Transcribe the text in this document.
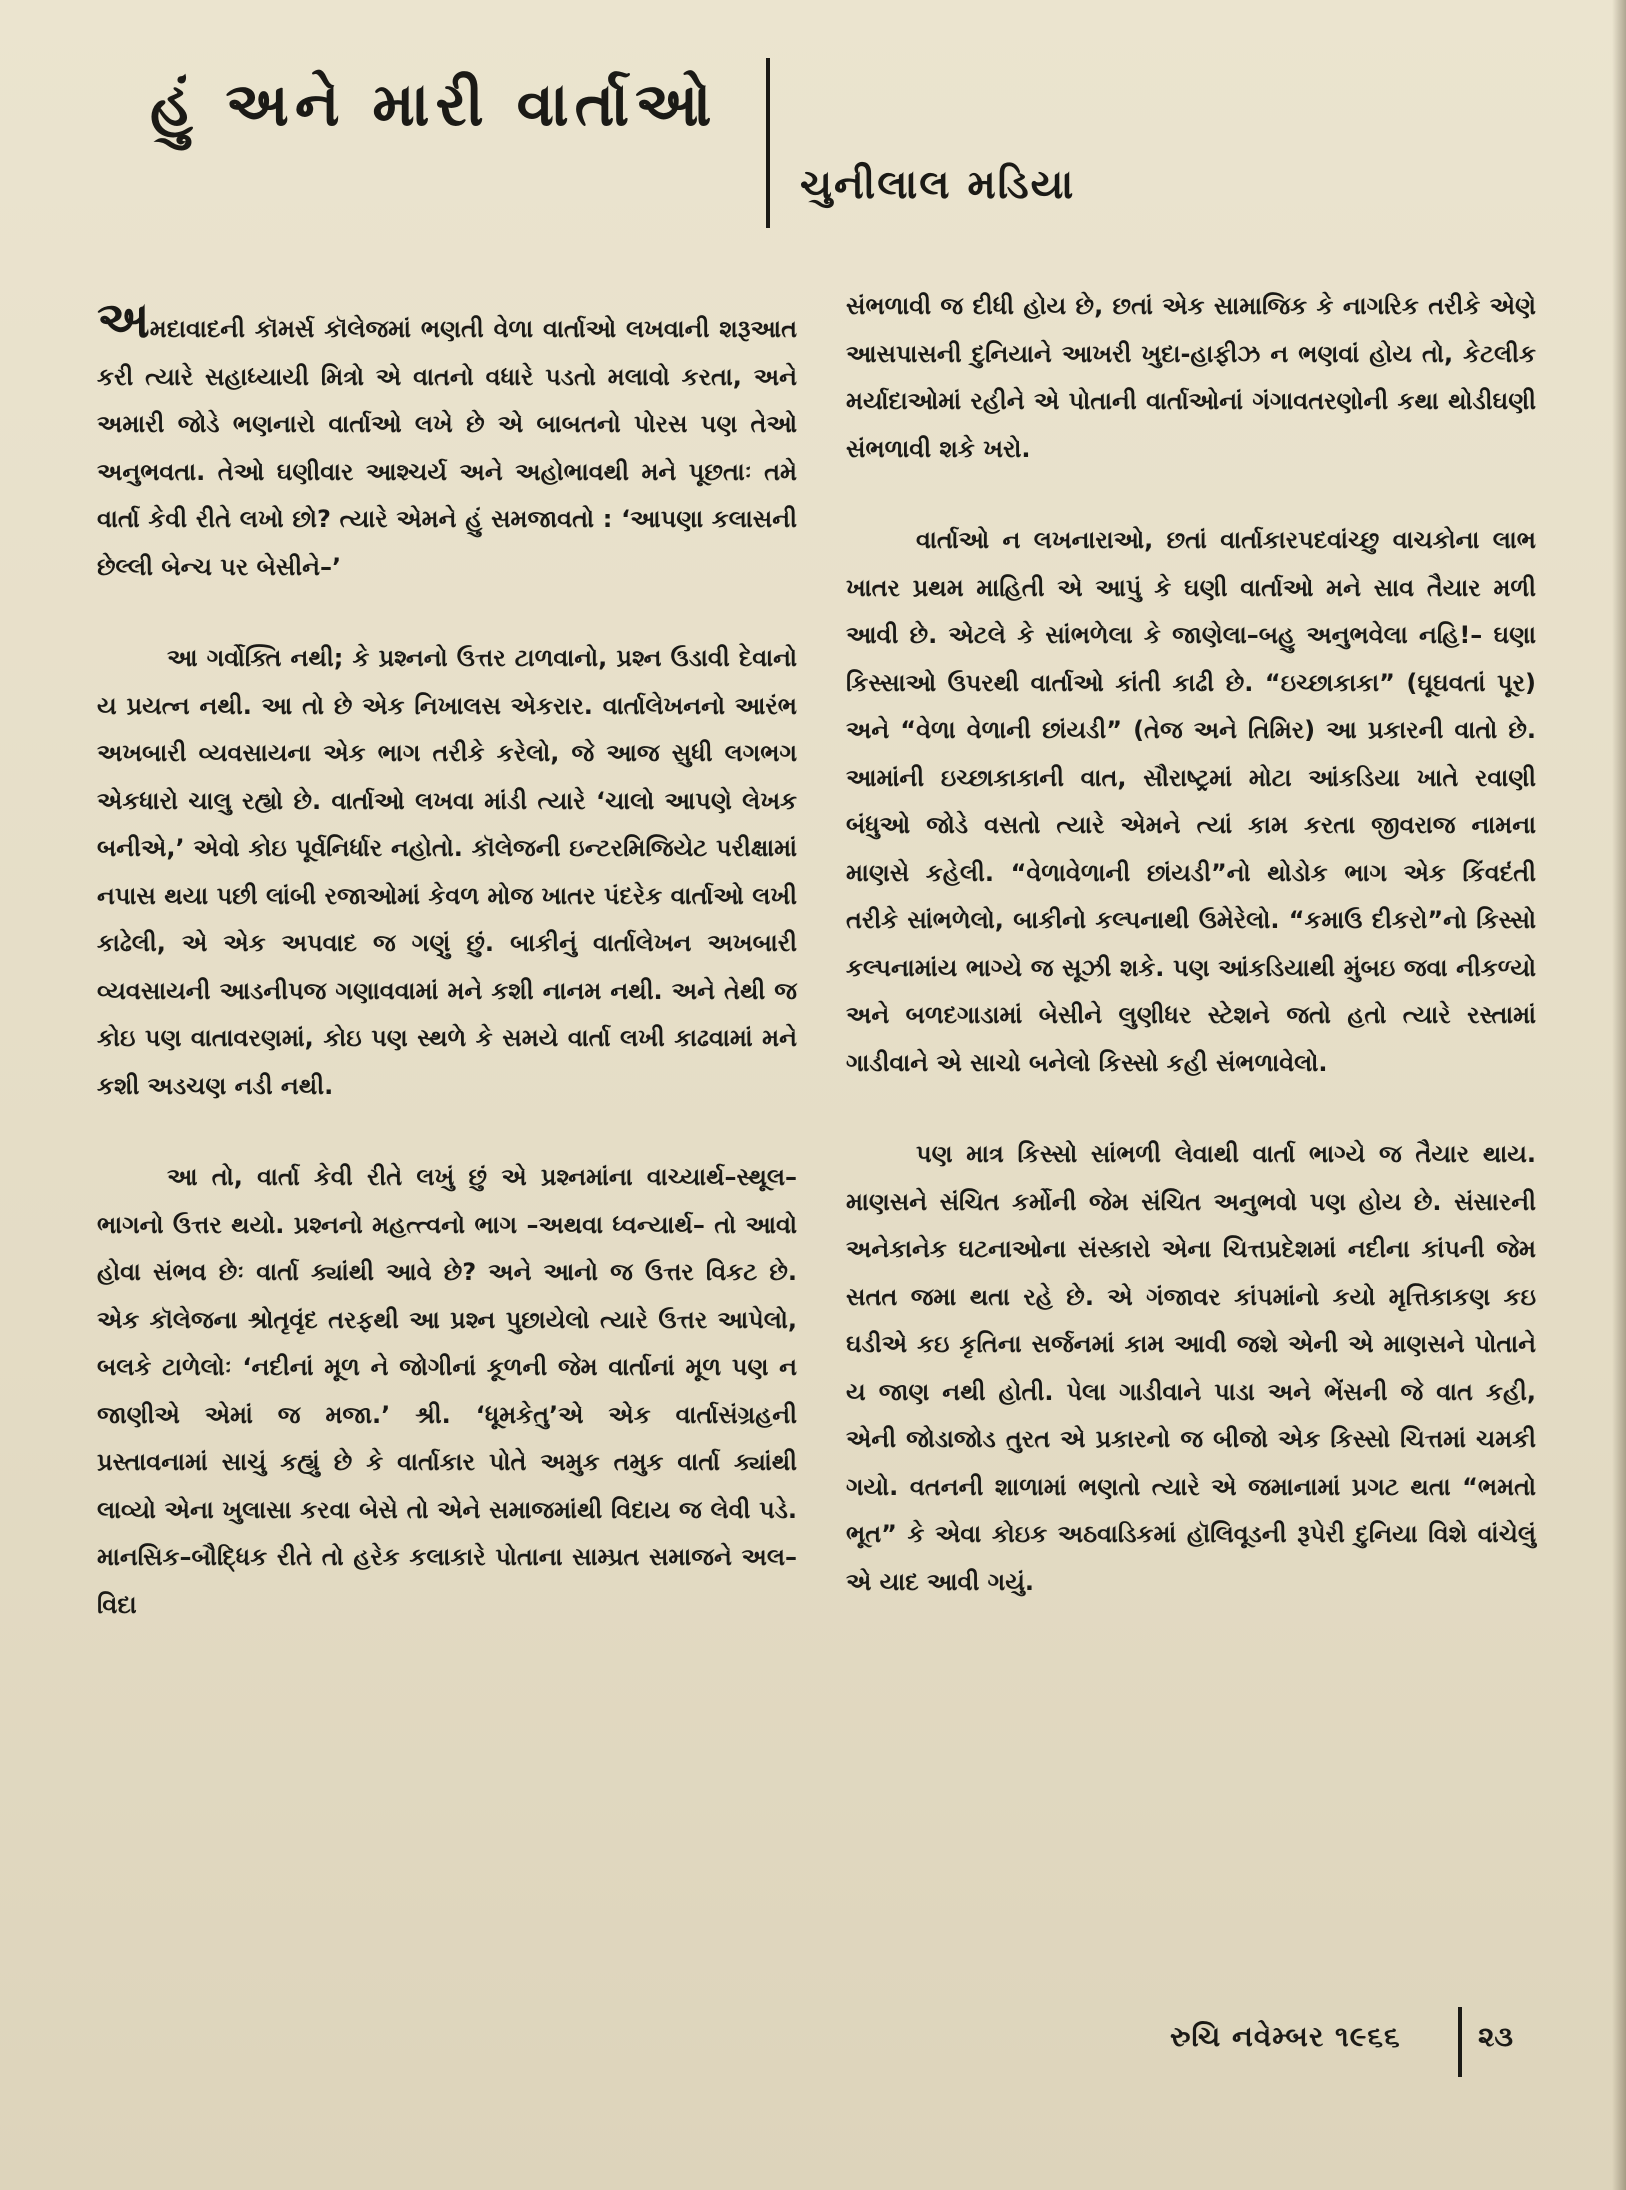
હું અને મારી વાર્તાઓ
ચુનીલાલ મડિયા

અમદાવાદની કૉમર્સ કૉલેજમાં ભણતી વેળા વાર્તાઓ લખવાની શરૂઆત કરી ત્યારે સહાધ્યાયી મિત્રો એ વાતનો વધારે પડતો મલાવો કરતા, અને અમારી જોડે ભણનારો વાર્તાઓ લખે છે એ બાબતનો પોરસ પણ તેઓ અનુભવતા. તેઓ ઘણીવાર આશ્ચર્ય અને અહોભાવથી મને પૂછતાઃ તમે વાર્તા કેવી રીતે લખો છો? ત્યારે એમને હું સમજાવતો : ‘આપણા કલાસની છેલ્લી બેન્ચ પર બેસીને–’

આ ગર્વોક્તિ નથી; કે પ્રશ્નનો ઉત્તર ટાળવાનો, પ્રશ્ન ઉડાવી દેવાનો ય પ્રયત્ન નથી. આ તો છે એક નિખાલસ એકરાર. વાર્તાલેખનનો આરંભ અખબારી વ્યવસાયના એક ભાગ તરીકે કરેલો, જે આજ સુધી લગભગ એકધારો ચાલુ રહ્યો છે. વાર્તાઓ લખવા માંડી ત્યારે ‘ચાલો આપણે લેખક બનીએ,’ એવો કોઇ પૂર્વનિર્ધાર નહોતો. કૉલેજની ઇન્ટરમિજિયેટ પરીક્ષામાં નપાસ થયા પછી લાંબી રજાઓમાં કેવળ મોજ ખાતર પંદરેક વાર્તાઓ લખી કાઢેલી, એ એક અપવાદ જ ગણું છું. બાકીનું વાર્તાલેખન અખબારી વ્યવસાયની આડનીપજ ગણાવવામાં મને કશી નાનમ નથી. અને તેથી જ કોઇ પણ વાતાવરણમાં, કોઇ પણ સ્થળે કે સમયે વાર્તા લખી કાઢવામાં મને કશી અડચણ નડી નથી.

આ તો, વાર્તા કેવી રીતે લખું છું એ પ્રશ્નમાંના વાચ્યાર્થ–સ્થૂલ–ભાગનો ઉત્તર થયો. પ્રશ્નનો મહત્ત્વનો ભાગ –અથવા ધ્વન્યાર્થ– તો આવો હોવા સંભવ છેઃ વાર્તા ક્યાંથી આવે છે? અને આનો જ ઉત્તર વિકટ છે. એક કૉલેજના શ્રોતૃવૃંદ તરફથી આ પ્રશ્ન પુછાયેલો ત્યારે ઉત્તર આપેલો, બલકે ટાળેલોઃ ‘નદીનાં મૂળ ને જોગીનાં કૂળની જેમ વાર્તાનાં મૂળ પણ ન જાણીએ એમાં જ મજા.’ શ્રી. ‘ધૂમકેતુ’એ એક વાર્તાસંગ્રહની પ્રસ્તાવનામાં સાચું કહ્યું છે કે વાર્તાકાર પોતે અમુક તમુક વાર્તા ક્યાંથી લાવ્યો એના ખુલાસા કરવા બેસે તો એને સમાજમાંથી વિદાય જ લેવી પડે. માનસિક–બૌદ્ધિક રીતે તો હરેક કલાકારે પોતાના સામ્પ્રત સમાજને અલ–વિદા

સંભળાવી જ દીધી હોય છે, છતાં એક સામાજિક કે નાગરિક તરીકે એણે આસપાસની દુનિયાને આખરી ખુદા-હાફીઝ ન ભણવાં હોય તો, કેટલીક મર્યાદાઓમાં રહીને એ પોતાની વાર્તાઓનાં ગંગાવતરણોની કથા થોડીઘણી સંભળાવી શકે ખરો.

વાર્તાઓ ન લખનારાઓ, છતાં વાર્તાકારપદવાંચ્છુ વાચકોના લાભ ખાતર પ્રથમ માહિતી એ આપું કે ઘણી વાર્તાઓ મને સાવ તૈયાર મળી આવી છે. એટલે કે સાંભળેલા કે જાણેલા–બહુ અનુભવેલા નહિ!– ઘણા કિસ્સાઓ ઉપરથી વાર્તાઓ કાંતી કાઢી છે. “ઇચ્છાકાકા” (ઘૂઘવતાં પૂર) અને “વેળા વેળાની છાંયડી” (તેજ અને તિમિર) આ પ્રકારની વાતો છે. આમાંની ઇચ્છાકાકાની વાત, સૌરાષ્ટ્રમાં મોટા આંકડિયા ખાતે રવાણી બંધુઓ જોડે વસતો ત્યારે એમને ત્યાં કામ કરતા જીવરાજ નામના માણસે કહેલી. “વેળાવેળાની છાંયડી”નો થોડોક ભાગ એક કિંવદંતી તરીકે સાંભળેલો, બાકીનો કલ્પનાથી ઉમેરેલો. “કમાઉ દીકરો”નો કિસ્સો કલ્પનામાંય ભાગ્યે જ સૂઝી શકે. પણ આંકડિયાથી મુંબઇ જવા નીકળ્યો અને બળદગાડામાં બેસીને લુણીધર સ્ટેશને જતો હતો ત્યારે રસ્તામાં ગાડીવાને એ સાચો બનેલો કિસ્સો કહી સંભળાવેલો.

પણ માત્ર કિસ્સો સાંભળી લેવાથી વાર્તા ભાગ્યે જ તૈયાર થાય. માણસને સંચિત કર્મોની જેમ સંચિત અનુભવો પણ હોય છે. સંસારની અનેકાનેક ઘટનાઓના સંસ્કારો એના ચિત્તપ્રદેશમાં નદીના કાંપની જેમ સતત જમા થતા રહે છે. એ ગંજાવર કાંપમાંનો કયો મૃત્તિકાકણ કઇ ઘડીએ કઇ કૃતિના સર્જનમાં કામ આવી જશે એની એ માણસને પોતાને ય જાણ નથી હોતી. પેલા ગાડીવાને પાડા અને ભેંસની જે વાત કહી, એની જોડાજોડ તુરત એ પ્રકારનો જ બીજો એક કિસ્સો ચિત્તમાં ચમકી ગયો. વતનની શાળામાં ભણતો ત્યારે એ જમાનામાં પ્રગટ થતા “ભમતો ભૂત” કે એવા કોઇક અઠવાડિકમાં હૉલિવૂડની રૂપેરી દુનિયા વિશે વાંચેલું એ યાદ આવી ગયું.

રુચિ નવેમ્બર ૧૯૬૬	૨૩
